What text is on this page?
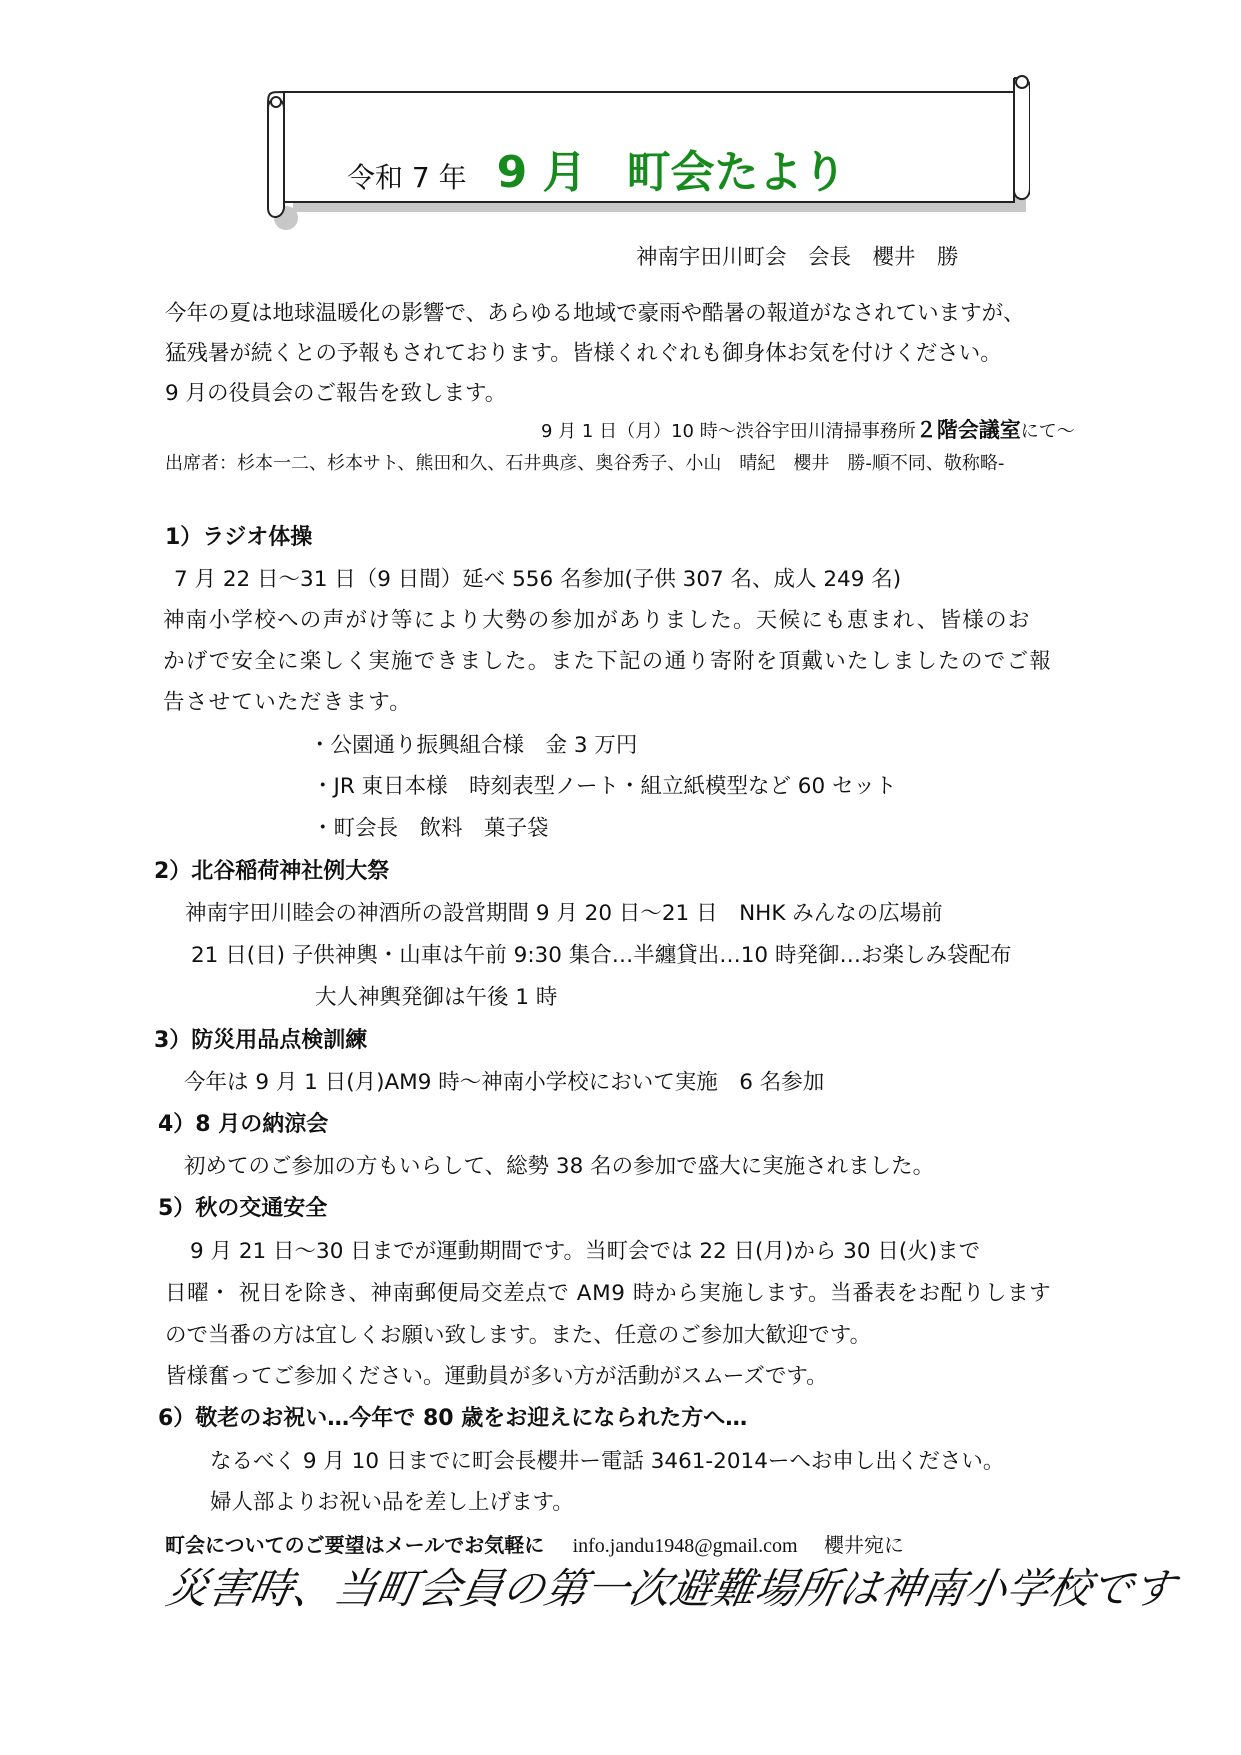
令和 7 年 9 月 町会たより
神南宇田川町会　会長　櫻井　勝
今年の夏は地球温暖化の影響で、あらゆる地域で豪雨や酷暑の報道がなされていますが、
猛残暑が続くとの予報もされております。皆様くれぐれも御身体お気を付けください。
9 月の役員会のご報告を致します。
9 月 1 日（月）10 時～渋谷宇田川清掃事務所２階会議室にて～
出席者：杉本一二、杉本サト、熊田和久、石井典彦、奥谷秀子、小山　晴紀　櫻井　勝-順不同、敬称略-
1）ラジオ体操
7 月 22 日～31 日（9 日間）延べ 556 名参加(子供 307 名、成人 249 名)
神南小学校への声がけ等により大勢の参加がありました。天候にも恵まれ、皆様のお
かげで安全に楽しく実施できました。また下記の通り寄附を頂戴いたしましたのでご報
告させていただきます。
・公園通り振興組合様　金 3 万円
・JR 東日本様　時刻表型ノート・組立紙模型など 60 セット
・町会長　飲料　菓子袋
2）北谷稲荷神社例大祭
神南宇田川睦会の神酒所の設営期間 9 月 20 日～21 日　NHK みんなの広場前
21 日(日) 子供神輿・山車は午前 9:30 集合…半纏貸出…10 時発御…お楽しみ袋配布
大人神輿発御は午後 1 時
3）防災用品点検訓練
今年は 9 月 1 日(月)AM9 時～神南小学校において実施　6 名参加
4）8 月の納涼会
初めてのご参加の方もいらして、総勢 38 名の参加で盛大に実施されました。
5）秋の交通安全
9 月 21 日～30 日までが運動期間です。当町会では 22 日(月)から 30 日(火)まで
日曜・ 祝日を除き、神南郵便局交差点で AM9 時から実施します。当番表をお配りします
ので当番の方は宜しくお願い致します。また、任意のご参加大歓迎です。
皆様奮ってご参加ください。運動員が多い方が活動がスムーズです。
6）敬老のお祝い…今年で 80 歳をお迎えになられた方へ…
なるべく 9 月 10 日までに町会長櫻井ー電話 3461-2014ーへお申し出ください。
婦人部よりお祝い品を差し上げます。
町会についてのご要望はメールでお気軽に info.jandu1948@gmail.com 櫻井宛に
災害時、当町会員の第一次避難場所は神南小学校です
